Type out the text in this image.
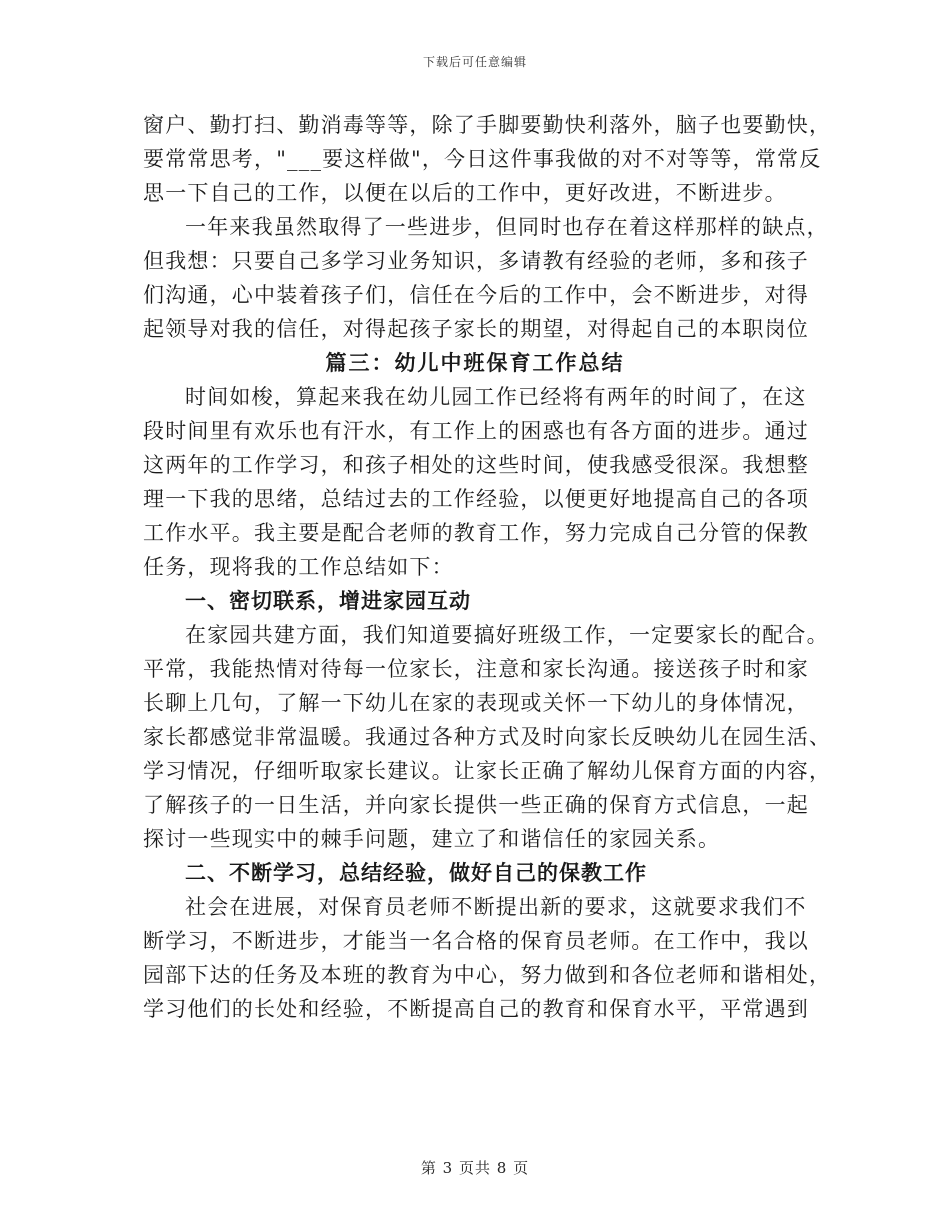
下载后可任意编辑
窗户、勤打扫、勤消毒等等，除了手脚要勤快利落外，脑子也要勤快，
要常常思考，"___要这样做"，今日这件事我做的对不对等等，常常反
思一下自己的工作，以便在以后的工作中，更好改进，不断进步。
一年来我虽然取得了一些进步，但同时也存在着这样那样的缺点，
但我想：只要自己多学习业务知识，多请教有经验的老师，多和孩子
们沟通，心中装着孩子们，信任在今后的工作中，会不断进步，对得
起领导对我的信任，对得起孩子家长的期望，对得起自己的本职岗位
篇三：幼儿中班保育工作总结
时间如梭，算起来我在幼儿园工作已经将有两年的时间了，在这
段时间里有欢乐也有汗水，有工作上的困惑也有各方面的进步。通过
这两年的工作学习，和孩子相处的这些时间，使我感受很深。我想整
理一下我的思绪，总结过去的工作经验，以便更好地提高自己的各项
工作水平。我主要是配合老师的教育工作，努力完成自己分管的保教
任务，现将我的工作总结如下：
一、密切联系，增进家园互动
在家园共建方面，我们知道要搞好班级工作，一定要家长的配合。
平常，我能热情对待每一位家长，注意和家长沟通。接送孩子时和家
长聊上几句，了解一下幼儿在家的表现或关怀一下幼儿的身体情况，
家长都感觉非常温暖。我通过各种方式及时向家长反映幼儿在园生活、
学习情况，仔细听取家长建议。让家长正确了解幼儿保育方面的内容，
了解孩子的一日生活，并向家长提供一些正确的保育方式信息，一起
探讨一些现实中的棘手问题，建立了和谐信任的家园关系。
二、不断学习，总结经验，做好自己的保教工作
社会在进展，对保育员老师不断提出新的要求，这就要求我们不
断学习，不断进步，才能当一名合格的保育员老师。在工作中，我以
园部下达的任务及本班的教育为中心，努力做到和各位老师和谐相处，
学习他们的长处和经验，不断提高自己的教育和保育水平，平常遇到
第 3 页共 8 页
